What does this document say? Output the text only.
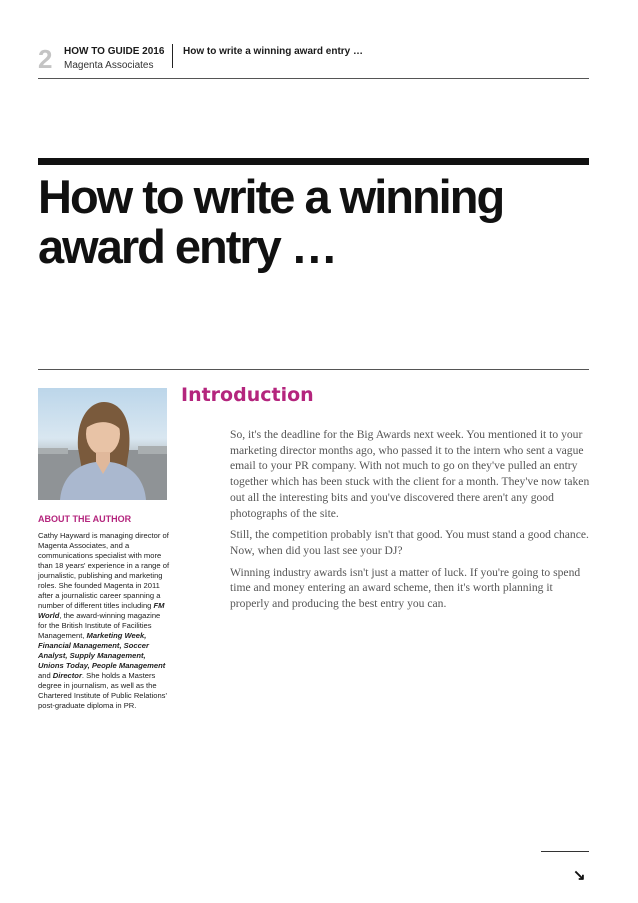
2 HOW TO GUIDE 2016
Magenta Associates
How to write a winning award entry …
How to write a winning
award entry …
ABOUT THE AUTHOR
Cathy Hayward is managing director of Magenta Associates, and a communications specialist with more than 18 years' experience in a range of journalistic, publishing and marketing roles. She founded Magenta in 2011 after a journalistic career spanning a number of different titles including FM World, the award-winning magazine for the British Institute of Facilities Management, Marketing Week, Financial Management, Soccer Analyst, Supply Management, Unions Today, People Management and Director. She holds a Masters degree in journalism, as well as the Chartered Institute of Public Relations' post-graduate diploma in PR.
Introduction

So, it's the deadline for the Big Awards next week. You mentioned it to your marketing director months ago, who passed it to the intern who sent a vague email to your PR company. With not much to go on they've pulled an entry together which has been stuck with the client for a month. They've now taken out all the interesting bits and you've discovered there aren't any good photographs of the site.

Still, the competition probably isn't that good. You must stand a good chance. Now, when did you last see your DJ?

Winning industry awards isn't just a matter of luck. If you're going to spend time and money entering an award scheme, then it's worth planning it properly and producing the best entry you can.

↘
